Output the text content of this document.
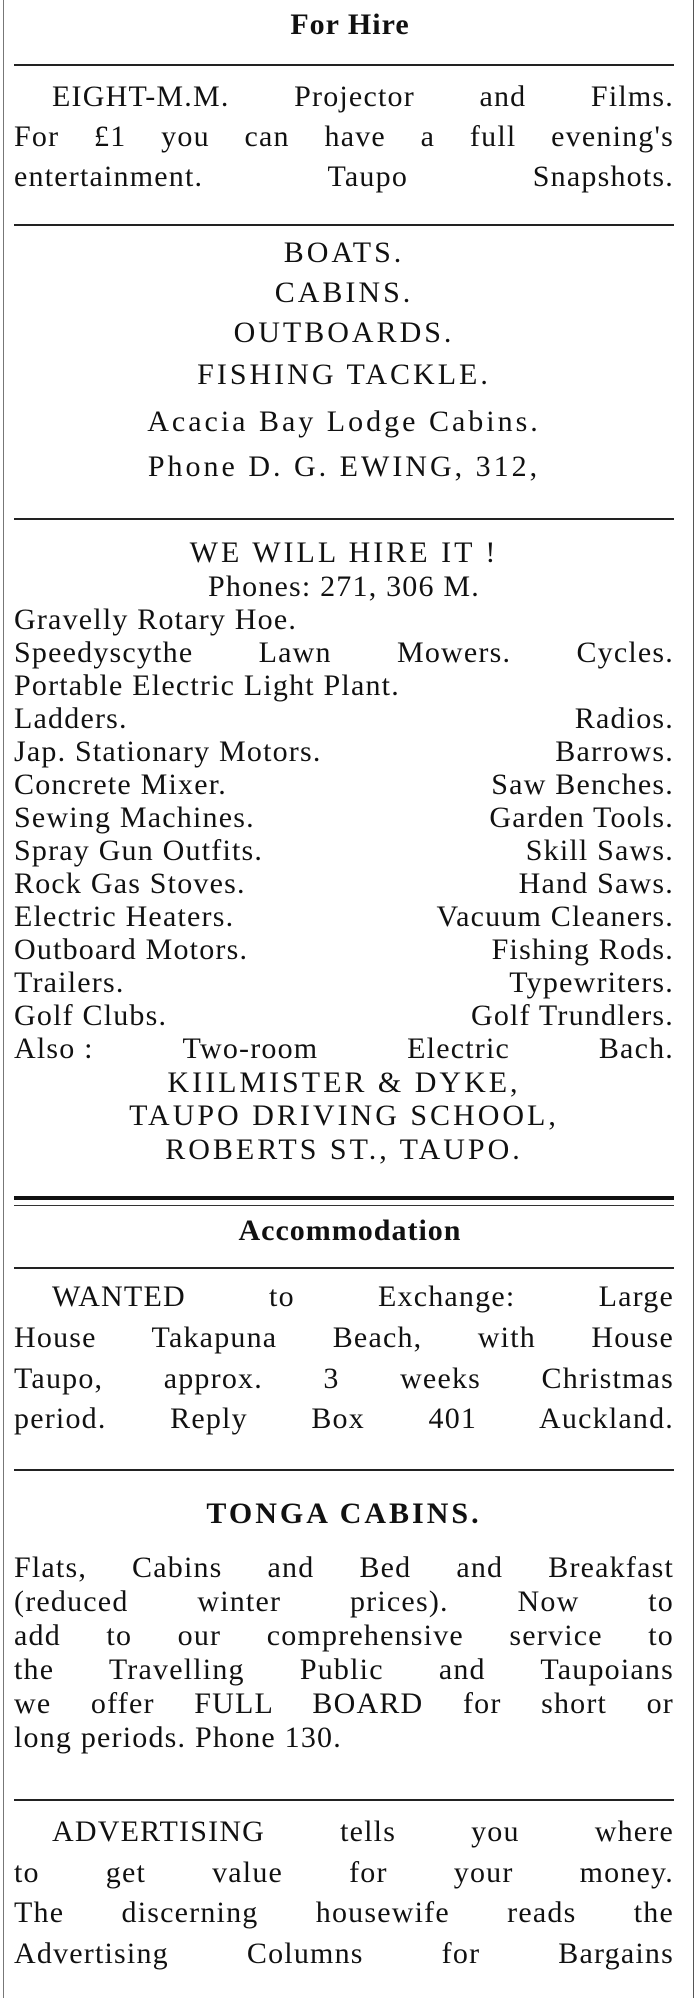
For Hire
EIGHT-M.M. Projector and Films.
For £1 you can have a full evening's
entertainment. Taupo Snapshots.
BOATS.
CABINS.
OUTBOARDS.
FISHING TACKLE.
Acacia Bay Lodge Cabins.
Phone D. G. EWING, 312,
WE WILL HIRE IT !
Phones: 271, 306 M.
Gravelly Rotary Hoe.
Speedyscythe Lawn Mowers. Cycles.
Portable Electric Light Plant.
Ladders.	Radios.
Jap. Stationary Motors.	Barrows.
Concrete Mixer.	Saw Benches.
Sewing Machines.	Garden Tools.
Spray Gun Outfits.	Skill Saws.
Rock Gas Stoves.	Hand Saws.
Electric Heaters.	Vacuum Cleaners.
Outboard Motors.	Fishing Rods.
Trailers.	Typewriters.
Golf Clubs.	Golf Trundlers.
Also :	Two-room	Electric	Bach.
KIILMISTER & DYKE,
TAUPO DRIVING SCHOOL,
ROBERTS ST., TAUPO.
Accommodation
WANTED to Exchange: Large
House Takapuna Beach, with House
Taupo, approx. 3 weeks Christmas
period. Reply Box 401 Auckland.
TONGA CABINS.
Flats, Cabins and Bed and Breakfast
(reduced winter prices). Now to
add to our comprehensive service to
the Travelling Public and Taupoians
we offer FULL BOARD for short or
long periods. Phone 130.
ADVERTISING tells you where
to get value for your money.
The discerning housewife reads the
Advertising Columns for Bargains
